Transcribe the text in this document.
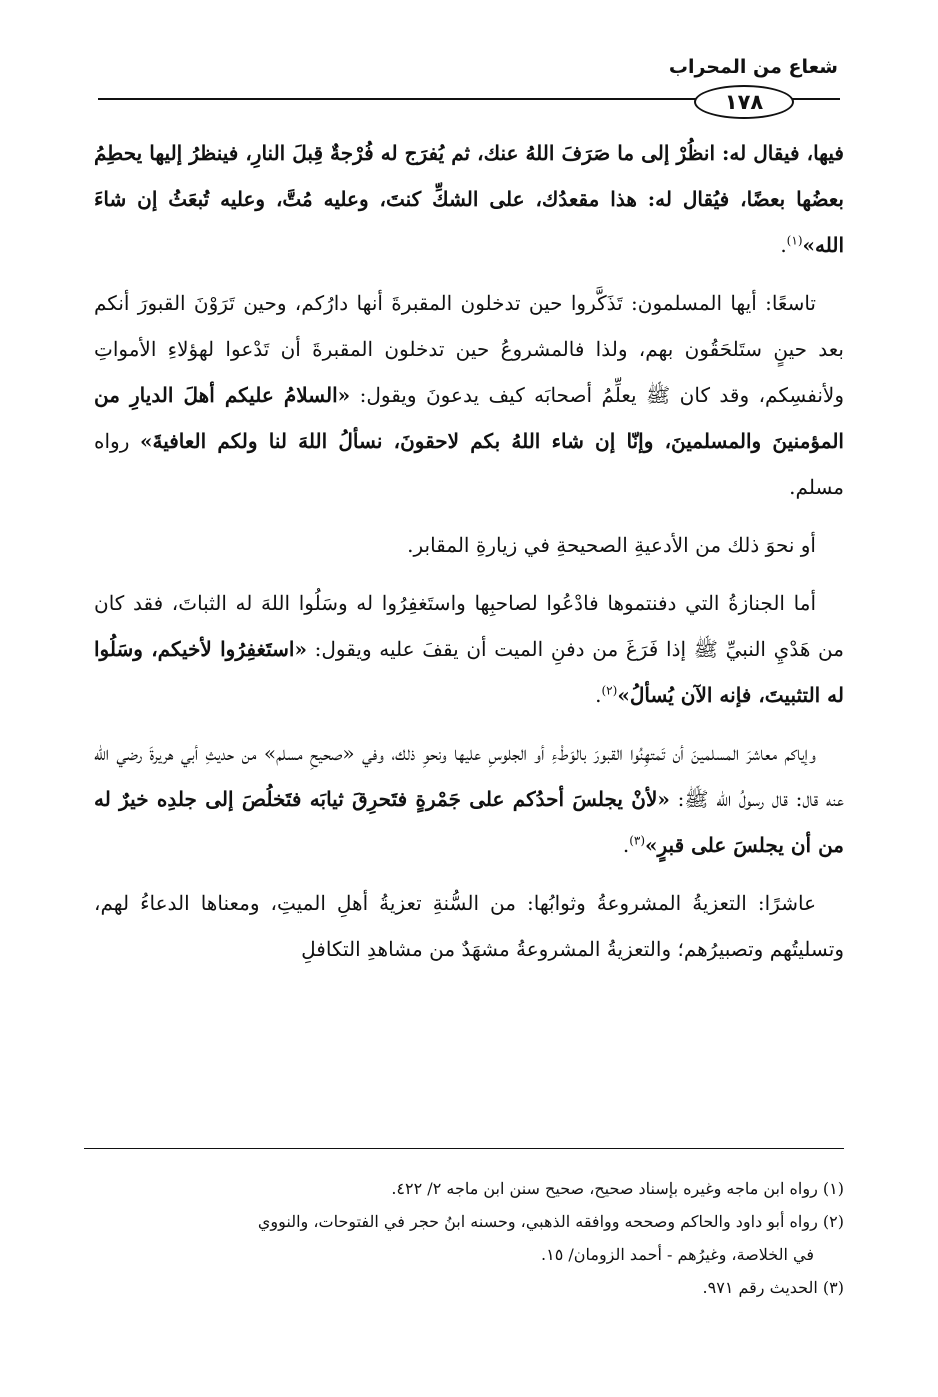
شعاع من المحراب
١٧٨

فيها، فيقال له: انظُرْ إلى ما صَرَفَ اللهُ عنك، ثم يُفرَج له فُرْجةٌ قِبلَ النارِ، فينظرُ إليها يحطِمُ بعضُها بعضًا، فيُقال له: هذا مقعدُك، على الشكِّ كنتَ، وعليه مُتَّ، وعليه تُبعَثُ إن شاءَ الله»$^{(١)}$.

تاسعًا: أيها المسلمون: تَذَكَّروا حين تدخلون المقبرةَ أنها دارُكم، وحين تَرَوْنَ القبورَ أنكم بعد حينٍ ستَلحَقُون بهم، ولذا فالمشروعُ حين تدخلون المقبرةَ أن تَدْعوا لهؤلاءِ الأمواتِ ولأنفسِكم، وقد كان ﷺ يعلِّمُ أصحابَه كيف يدعونَ ويقول: «السلامُ عليكم أهلَ الديارِ من المؤمنينَ والمسلمينَ، وإنّا إن شاء اللهُ بكم لاحقونَ، نسألُ اللهَ لنا ولكم العافيةَ» رواه مسلم.

أو نحوَ ذلك من الأدعيةِ الصحيحةِ في زيارةِ المقابر.

أما الجنازةُ التي دفنتموها فادْعُوا لصاحبِها واستَغفِرُوا له وسَلُوا اللهَ له الثباتَ، فقد كان من هَدْيِ النبيِّ ﷺ إذا فَرَغَ من دفنِ الميت أن يقفَ عليه ويقول: «استَغفِرُوا لأخيكم، وسَلُوا له التثبيتَ، فإنه الآن يُسألُ»$^{(٢)}$.

وإياكم معاشرَ المسلمينَ أن تَمتهِنُوا القبورَ بالوَطْءِ أو الجلوسِ عليها ونحوِ ذلك، وفي «صحيحِ مسلم» من حديثِ أبي هريرةَ رضي الله عنه قال: قال رسولُ الله ﷺ: «لأنْ يجلسَ أحدُكم على جَمْرةٍ فتَحرِقَ ثيابَه فتَخلُصَ إلى جلدِه خيرٌ له من أن يجلسَ على قبرٍ»$^{(٣)}$.

عاشرًا: التعزيةُ المشروعةُ وثوابُها: من السُّنةِ تعزيةُ أهلِ الميتِ، ومعناها الدعاءُ لهم، وتسليتُهم وتصبيرُهم؛ والتعزيةُ المشروعةُ مشهَدٌ من مشاهدِ التكافلِ

(١) رواه ابن ماجه وغيره بإسناد صحيح، صحيح سنن ابن ماجه ٢/ ٤٢٢.

(٢) رواه أبو داود والحاكم وصححه ووافقه الذهبي، وحسنه ابنُ حجر في الفتوحات، والنووي

في الخلاصة، وغيرُهم - أحمد الزومان/ ١٥.

(٣) الحديث رقم ٩٧١.
